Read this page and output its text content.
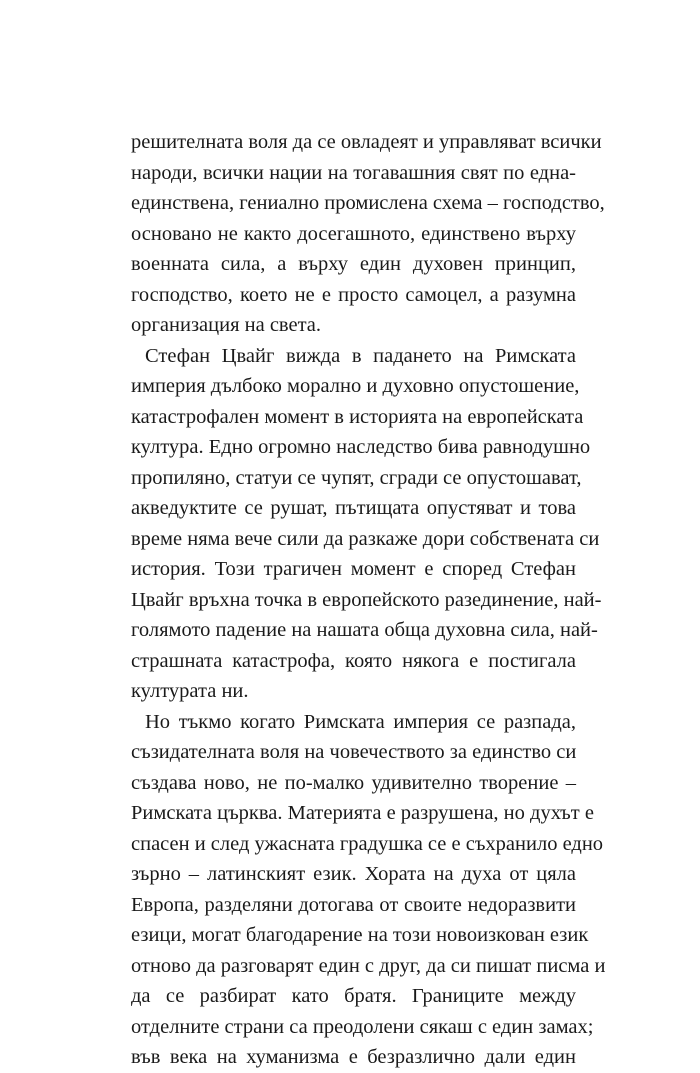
решителната воля да се овладеят и управляват всички
народи, всички нации на тогавашния свят по една-
единствена, гениално промислена схема – господство,
основано не както досегашното, единствено върху
военната сила, а върху един духовен принцип,
господство, което не е просто самоцел, а разумна
организация на света.
Стефан Цвайг вижда в падането на Римската
империя дълбоко морално и духовно опустошение,
катастрофален момент в историята на европейската
култура. Едно огромно наследство бива равнодушно
пропиляно, статуи се чупят, сгради се опустошават,
акведуктите се рушат, пътищата опустяват и това
време няма вече сили да разкаже дори собствената си
история. Този трагичен момент е според Стефан
Цвайг връхна точка в европейското разединение, най-
голямото падение на нашата обща духовна сила, най-
страшната катастрофа, която някога е постигала
културата ни.
Но тъкмо когато Римската империя се разпада,
съзидателната воля на човечеството за единство си
създава ново, не по-малко удивително творение –
Римската църква. Материята е разрушена, но духът е
спасен и след ужасната градушка се е съхранило едно
зърно – латинският език. Хората на духа от цяла
Европа, разделяни дотогава от своите недоразвити
езици, могат благодарение на този новоизкован език
отново да разговарят един с друг, да си пишат писма и
да се разбират като братя. Границите между
отделните страни са преодолени сякаш с един замах;
във века на хуманизма е безразлично дали един
